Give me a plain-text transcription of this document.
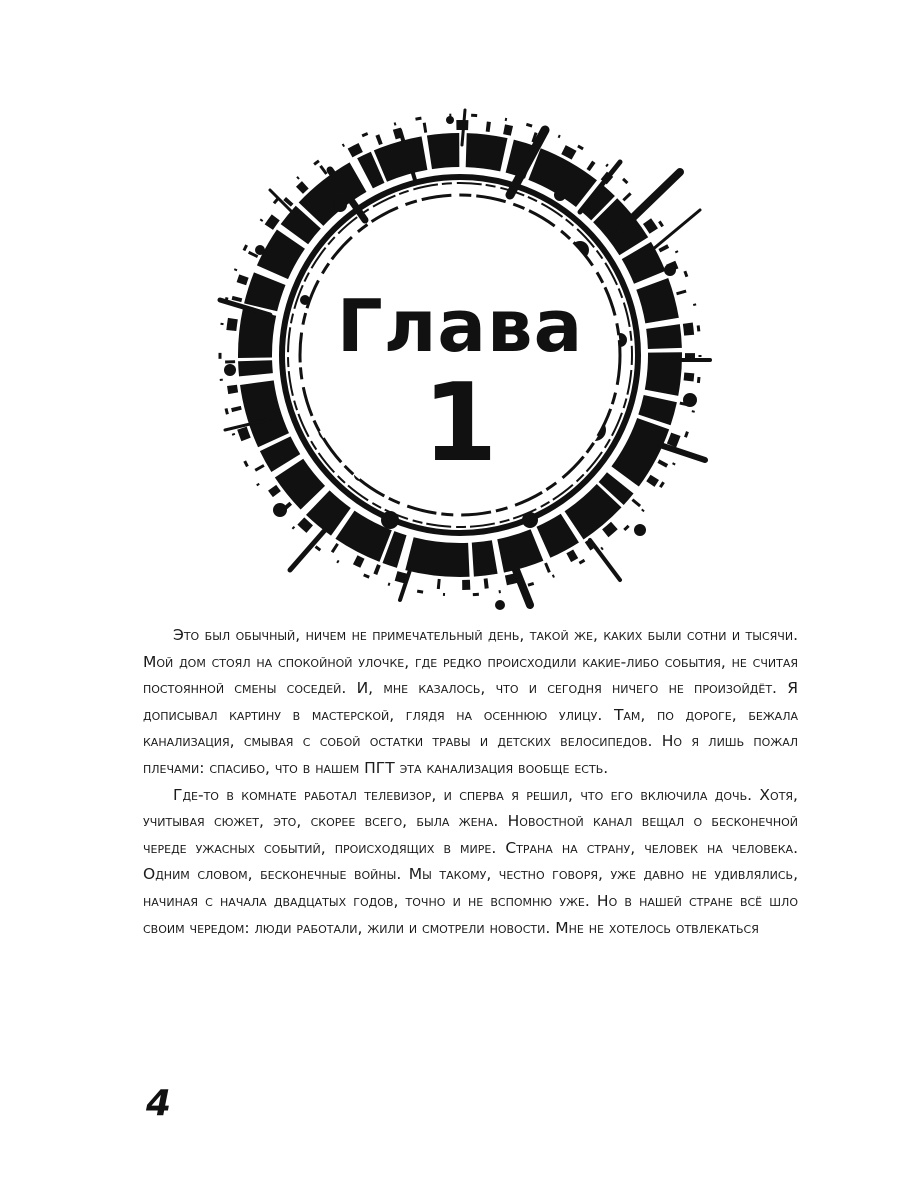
Глава
1

Это был обычный, ничем не примечательный день, такой же, каких были сотни и тысячи. Мой дом стоял на спокойной улочке, где редко происходили какие-либо события, не считая постоянной смены соседей. И, мне казалось, что и сегодня ничего не произойдёт. Я дописывал картину в мастерской, глядя на осеннюю улицу. Там, по дороге, бежала канализация, смывая с собой остатки травы и детских велосипедов. Но я лишь пожал плечами: спасибо, что в нашем ПГТ эта канализация вообще есть.

Где-то в комнате работал телевизор, и сперва я решил, что его включила дочь. Хотя, учитывая сюжет, это, скорее всего, была жена. Новостной канал вещал о бесконечной череде ужасных событий, происходящих в мире. Страна на страну, человек на человека. Одним словом, бесконечные войны. Мы такому, честно говоря, уже давно не удивлялись, начиная с начала двадцатых годов, точно и не вспомню уже. Но в нашей стране всё шло своим чередом: люди работали, жили и смотрели новости. Мне не хотелось отвлекаться

4
